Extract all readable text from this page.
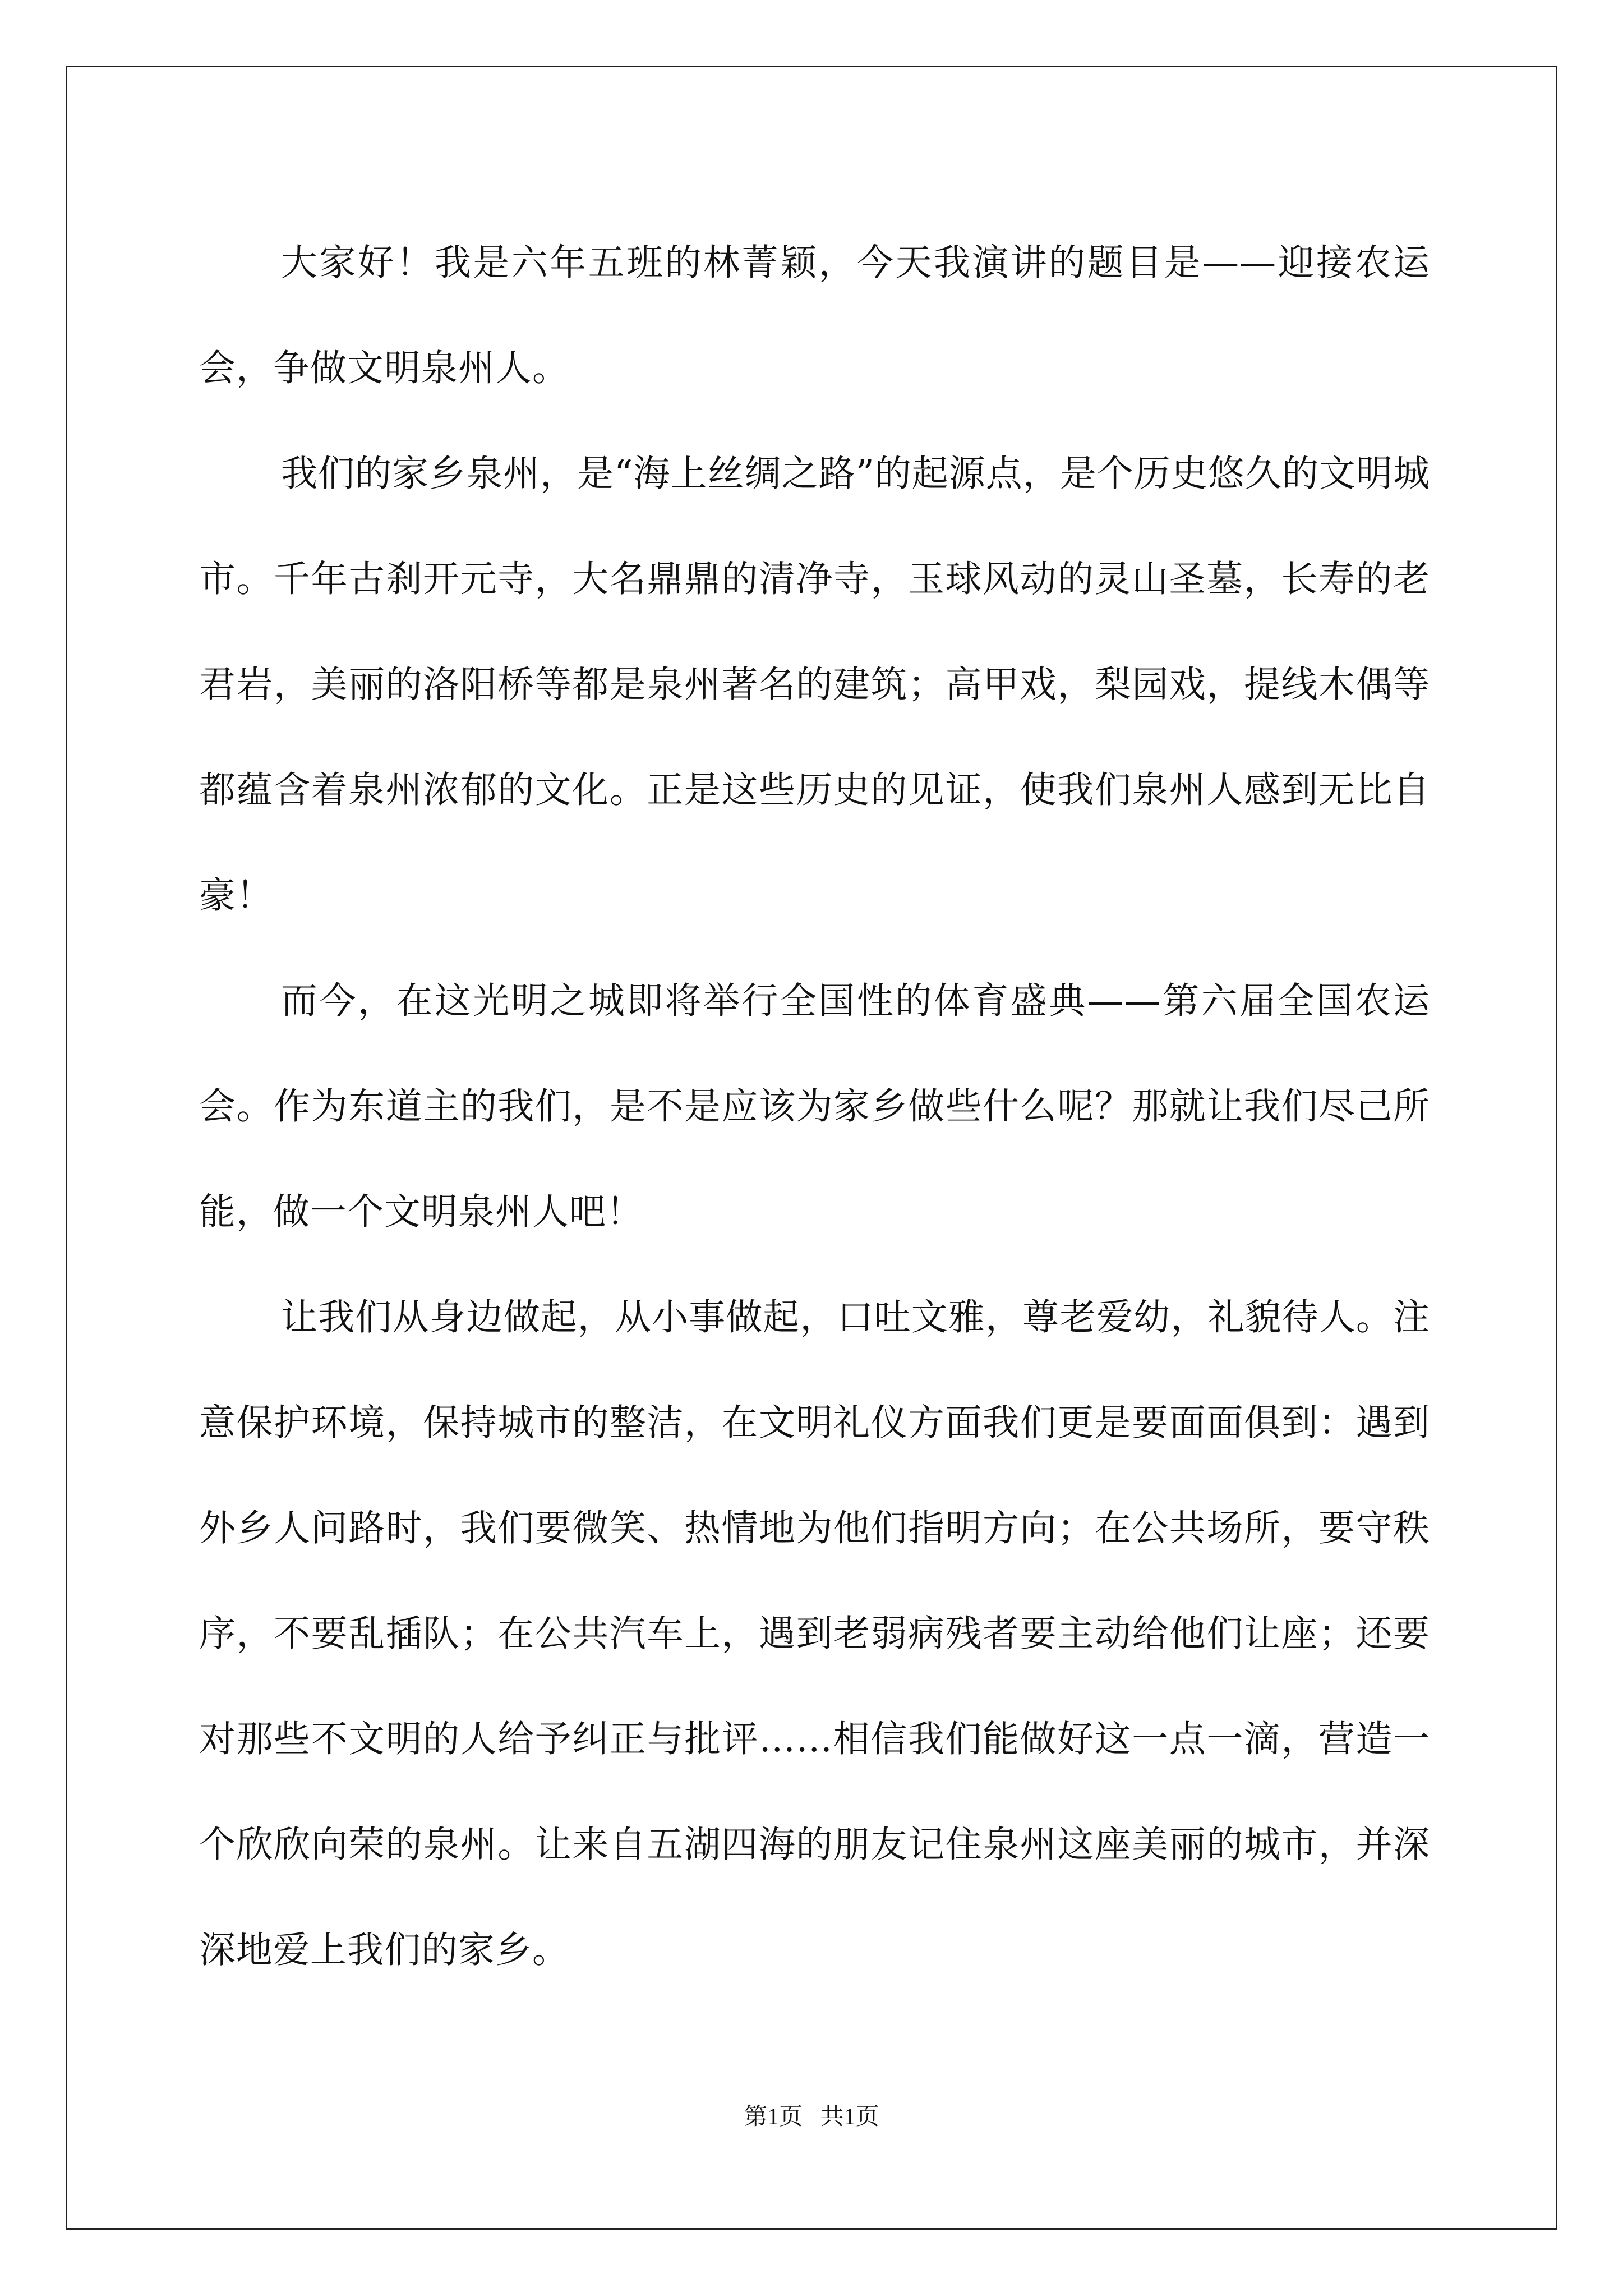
大家好！我是六年五班的林菁颖，今天我演讲的题目是——迎接农运会，争做文明泉州人。

我们的家乡泉州，是“海上丝绸之路”的起源点，是个历史悠久的文明城市。千年古刹开元寺，大名鼎鼎的清净寺，玉球风动的灵山圣墓，长寿的老君岩，美丽的洛阳桥等都是泉州著名的建筑；高甲戏，梨园戏，提线木偶等都蕴含着泉州浓郁的文化。正是这些历史的见证，使我们泉州人感到无比自豪！

而今，在这光明之城即将举行全国性的体育盛典——第六届全国农运会。作为东道主的我们，是不是应该为家乡做些什么呢？那就让我们尽己所能，做一个文明泉州人吧！

让我们从身边做起，从小事做起，口吐文雅，尊老爱幼，礼貌待人。注意保护环境，保持城市的整洁，在文明礼仪方面我们更是要面面俱到：遇到外乡人问路时，我们要微笑、热情地为他们指明方向；在公共场所，要守秩序，不要乱插队；在公共汽车上，遇到老弱病残者要主动给他们让座；还要对那些不文明的人给予纠正与批评……相信我们能做好这一点一滴，营造一个欣欣向荣的泉州。让来自五湖四海的朋友记住泉州这座美丽的城市，并深深地爱上我们的家乡。

第1页   共1页
